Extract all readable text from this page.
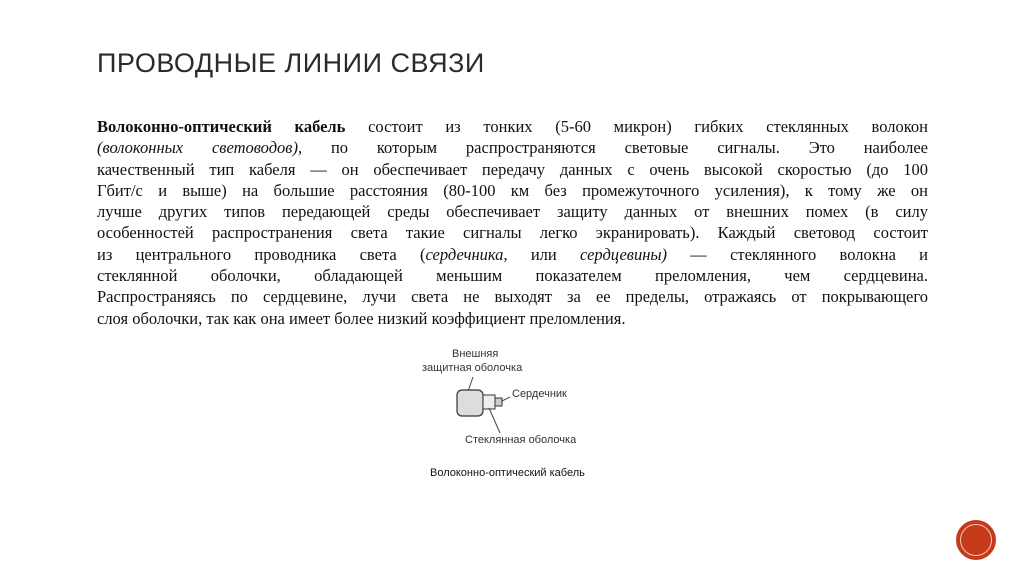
ПРОВОДНЫЕ ЛИНИИ СВЯЗИ
Волоконно-оптический кабель состоит из тонких (5-60 микрон) гибких стеклянных волокон
(волоконных световодов), по которым распространяются световые сигналы. Это наиболее
качественный тип кабеля — он обеспечивает передачу данных с очень высокой скоростью (до 100
Гбит/с и выше) на большие расстояния (80-100 км без промежуточного усиления), к тому же он
лучше других типов передающей среды обеспечивает защиту данных от внешних помех (в силу
особенностей распространения света такие сигналы легко экранировать). Каждый световод состоит
из центрального проводника света (сердечника, или сердцевины) — стеклянного волокна и
стеклянной оболочки, обладающей меньшим показателем преломления, чем сердцевина.
Распространяясь по сердцевине, лучи света не выходят за ее пределы, отражаясь от покрывающего
слоя оболочки, так как она имеет более низкий коэффициент преломления.
Внешняя
защитная оболочка
Сердечник
Стеклянная оболочка
Волоконно-оптический кабель
